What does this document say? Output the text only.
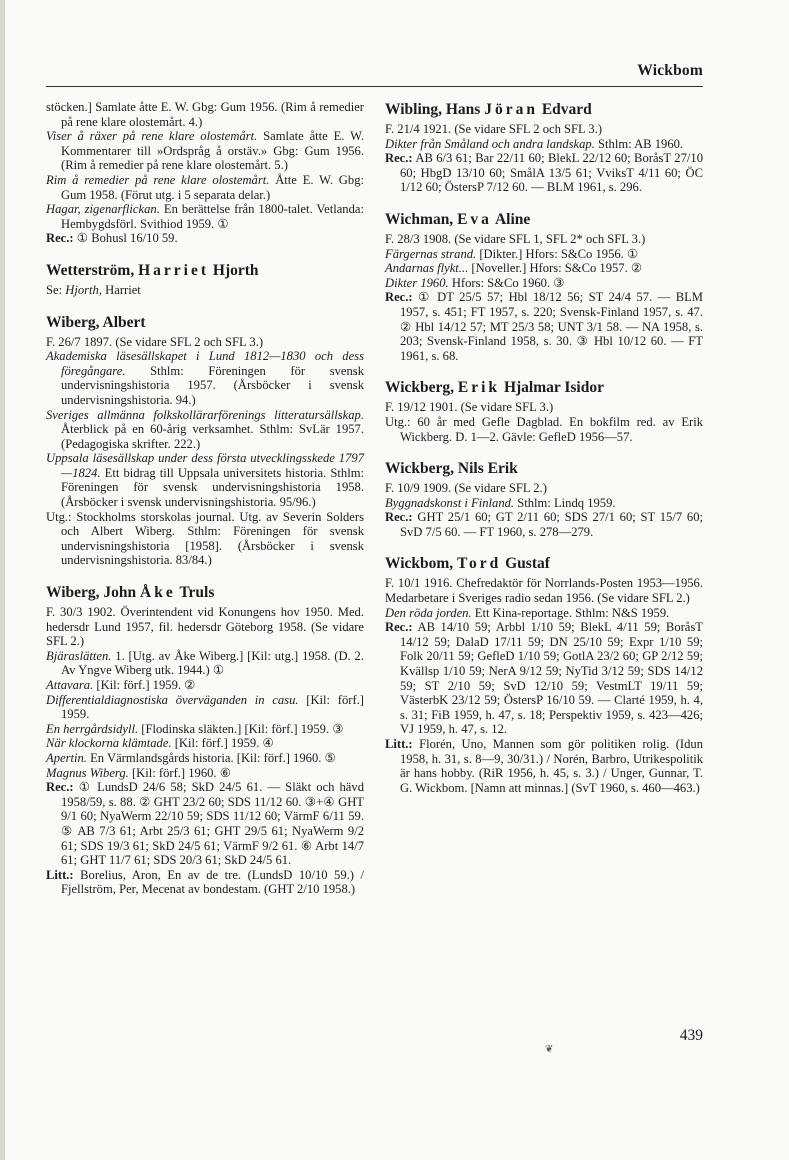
Wickbom

stöcken.] Samlate åtte E. W. Gbg: Gum 1956. (Rim å remedier på rene klare olostemårt. 4.)

Viser å räxer på rene klare olostemårt. Samlate åtte E. W. Kommentarer till »Ordspråg å orstäv.» Gbg: Gum 1956. (Rim å remedier på rene klare olostemårt. 5.)

Rim å remedier på rene klare olostemårt. Åtte E. W. Gbg: Gum 1958. (Förut utg. i 5 separata delar.)

Hagar, zigenarflickan. En berättelse från 1800-talet. Vetlanda: Hembygdsförl. Svithiod 1959. ①

Rec.: ① Bohusl 16/10 59.

Wetterström, Harriet Hjorth

Se: Hjorth, Harriet

Wiberg, Albert

F. 26/7 1897. (Se vidare SFL 2 och SFL 3.)

Akademiska läsesällskapet i Lund 1812—1830 och dess föregångare. Sthlm: Föreningen för svensk undervisningshistoria 1957. (Årsböcker i svensk undervisningshistoria. 94.)

Sveriges allmänna folkskollärarförenings litteratursällskap. Återblick på en 60-årig verksamhet. Sthlm: SvLär 1957. (Pedagogiska skrifter. 222.)

Uppsala läsesällskap under dess första utvecklingsskede 1797—1824. Ett bidrag till Uppsala universitets historia. Sthlm: Föreningen för svensk undervisningshistoria 1958. (Årsböcker i svensk undervisningshistoria. 95/96.)

Utg.: Stockholms storskolas journal. Utg. av Severin Solders och Albert Wiberg. Sthlm: Föreningen för svensk undervisningshistoria [1958]. (Årsböcker i svensk undervisningshistoria. 83/84.)

Wiberg, John Åke Truls

F. 30/3 1902. Överintendent vid Konungens hov 1950. Med. hedersdr Lund 1957, fil. hedersdr Göteborg 1958. (Se vidare SFL 2.)

Bjäraslätten. 1. [Utg. av Åke Wiberg.] [Kil: utg.] 1958. (D. 2. Av Yngve Wiberg utk. 1944.) ①

Attavara. [Kil: förf.] 1959. ②

Differentialdiagnostiska överväganden in casu. [Kil: förf.] 1959.

En herrgårdsidyll. [Flodinska släkten.] [Kil: förf.] 1959. ③

När klockorna klämtade. [Kil: förf.] 1959. ④

Apertin. En Värmlandsgårds historia. [Kil: förf.] 1960. ⑤

Magnus Wiberg. [Kil: förf.] 1960. ⑥

Rec.: ① LundsD 24/6 58; SkD 24/5 61. — Släkt och hävd 1958/59, s. 88. ② GHT 23/2 60; SDS 11/12 60. ③+④ GHT 9/1 60; NyaWerm 22/10 59; SDS 11/12 60; VärmF 6/11 59. ⑤ AB 7/3 61; Arbt 25/3 61; GHT 29/5 61; NyaWerm 9/2 61; SDS 19/3 61; SkD 24/5 61; VärmF 9/2 61. ⑥ Arbt 14/7 61; GHT 11/7 61; SDS 20/3 61; SkD 24/5 61.

Litt.: Borelius, Aron, En av de tre. (LundsD 10/10 59.) / Fjellström, Per, Mecenat av bondestam. (GHT 2/10 1958.)

Wibling, Hans Jöran Edvard

F. 21/4 1921. (Se vidare SFL 2 och SFL 3.)

Dikter från Småland och andra landskap. Sthlm: AB 1960.

Rec.: AB 6/3 61; Bar 22/11 60; BlekL 22/12 60; BoråsT 27/10 60; HbgD 13/10 60; SmålA 13/5 61; VviksT 4/11 60; ÖC 1/12 60; ÖstersP 7/12 60. — BLM 1961, s. 296.

Wichman, Eva Aline

F. 28/3 1908. (Se vidare SFL 1, SFL 2* och SFL 3.)

Färgernas strand. [Dikter.] Hfors: S&Co 1956. ①

Andarnas flykt... [Noveller.] Hfors: S&Co 1957. ②

Dikter 1960. Hfors: S&Co 1960. ③

Rec.: ① DT 25/5 57; Hbl 18/12 56; ST 24/4 57. — BLM 1957, s. 451; FT 1957, s. 220; Svensk-Finland 1957, s. 47. ② Hbl 14/12 57; MT 25/3 58; UNT 3/1 58. — NA 1958, s. 203; Svensk-Finland 1958, s. 30. ③ Hbl 10/12 60. — FT 1961, s. 68.

Wickberg, Erik Hjalmar Isidor

F. 19/12 1901. (Se vidare SFL 3.)

Utg.: 60 år med Gefle Dagblad. En bokfilm red. av Erik Wickberg. D. 1—2. Gävle: GefleD 1956—57.

Wickberg, Nils Erik

F. 10/9 1909. (Se vidare SFL 2.)

Byggnadskonst i Finland. Sthlm: Lindq 1959.

Rec.: GHT 25/1 60; GT 2/11 60; SDS 27/1 60; ST 15/7 60; SvD 7/5 60. — FT 1960, s. 278—279.

Wickbom, Tord Gustaf

F. 10/1 1916. Chefredaktör för Norrlands-Posten 1953—1956. Medarbetare i Sveriges radio sedan 1956. (Se vidare SFL 2.)

Den röda jorden. Ett Kina-reportage. Sthlm: N&S 1959.

Rec.: AB 14/10 59; Arbbl 1/10 59; BlekL 4/11 59; BoråsT 14/12 59; DalaD 17/11 59; DN 25/10 59; Expr 1/10 59; Folk 20/11 59; GefleD 1/10 59; GotlA 23/2 60; GP 2/12 59; Kvällsp 1/10 59; NerA 9/12 59; NyTid 3/12 59; SDS 14/12 59; ST 2/10 59; SvD 12/10 59; VestmLT 19/11 59; VästerbK 23/12 59; ÖstersP 16/10 59. — Clarté 1959, h. 4, s. 31; FiB 1959, h. 47, s. 18; Perspektiv 1959, s. 423—426; VJ 1959, h. 47, s. 12.

Litt.: Florén, Uno, Mannen som gör politiken rolig. (Idun 1958, h. 31, s. 8—9, 30/31.) / Norén, Barbro, Utrikespolitik är hans hobby. (RiR 1956, h. 45, s. 3.) / Unger, Gunnar, T. G. Wickbom. [Namn att minnas.] (SvT 1960, s. 460—463.)

439
❦
